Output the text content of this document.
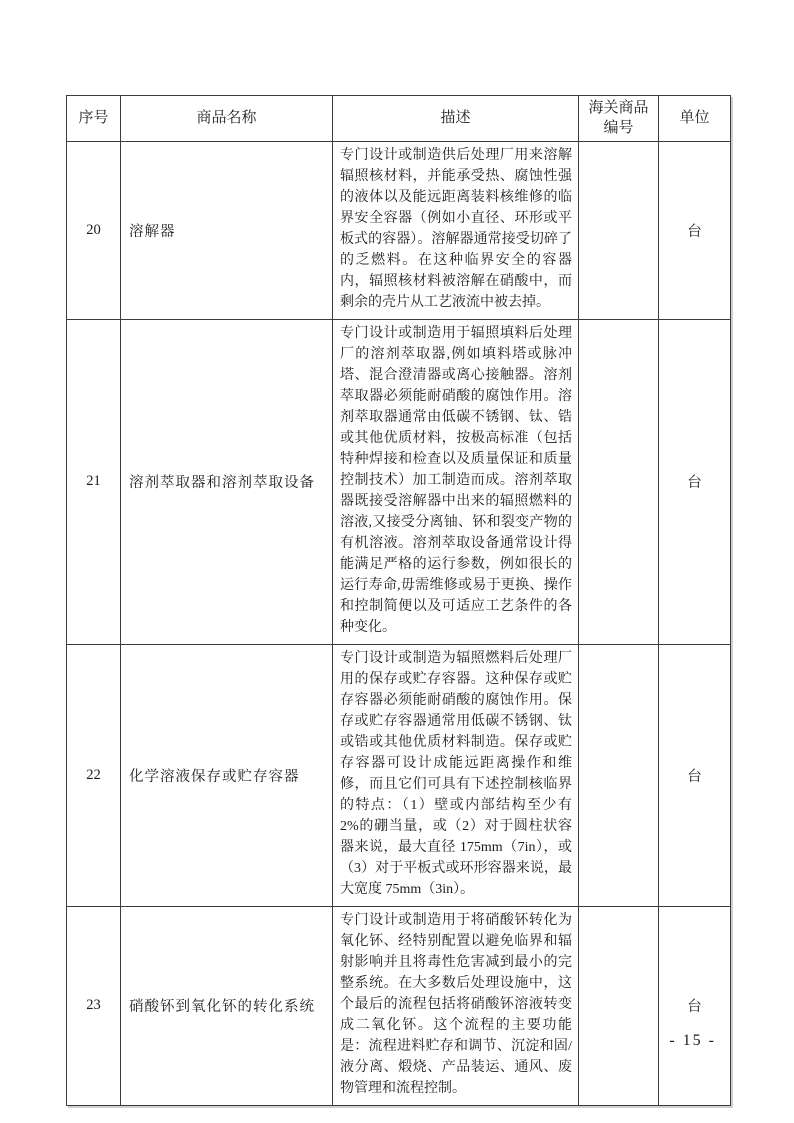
序号	商品名称	描述	海关商品编号	单位
20	溶解器	专门设计或制造供后处理厂用来溶解辐照核材料，并能承受热、腐蚀性强的液体以及能远距离装料核维修的临界安全容器（例如小直径、环形或平板式的容器）。溶解器通常接受切碎了的乏燃料。在这种临界安全的容器内，辐照核材料被溶解在硝酸中，而剩余的壳片从工艺液流中被去掉。		台
21	溶剂萃取器和溶剂萃取设备	专门设计或制造用于辐照填料后处理厂的溶剂萃取器,例如填料塔或脉冲塔、混合澄清器或离心接触器。溶剂萃取器必须能耐硝酸的腐蚀作用。溶剂萃取器通常由低碳不锈钢、钛、锆或其他优质材料，按极高标准（包括特种焊接和检查以及质量保证和质量控制技术）加工制造而成。溶剂萃取器既接受溶解器中出来的辐照燃料的溶液,又接受分离铀、钚和裂变产物的有机溶液。溶剂萃取设备通常设计得能满足严格的运行参数，例如很长的运行寿命,毋需维修或易于更换、操作和控制简便以及可适应工艺条件的各种变化。		台
22	化学溶液保存或贮存容器	专门设计或制造为辐照燃料后处理厂用的保存或贮存容器。这种保存或贮存容器必须能耐硝酸的腐蚀作用。保存或贮存容器通常用低碳不锈钢、钛或锆或其他优质材料制造。保存或贮存容器可设计成能远距离操作和维修，而且它们可具有下述控制核临界的特点：（1）壁或内部结构至少有 2%的硼当量，或（2）对于圆柱状容器来说，最大直径 175mm（7in），或（3）对于平板式或环形容器来说，最大宽度 75mm（3in）。		台
23	硝酸钚到氧化钚的转化系统	专门设计或制造用于将硝酸钚转化为氧化钚、经特别配置以避免临界和辐射影响并且将毒性危害减到最小的完整系统。在大多数后处理设施中，这个最后的流程包括将硝酸钚溶液转变成二氧化钚。这个流程的主要功能是：流程进料贮存和调节、沉淀和固/液分离、煅烧、产品装运、通风、废物管理和流程控制。		台
- 15 -
